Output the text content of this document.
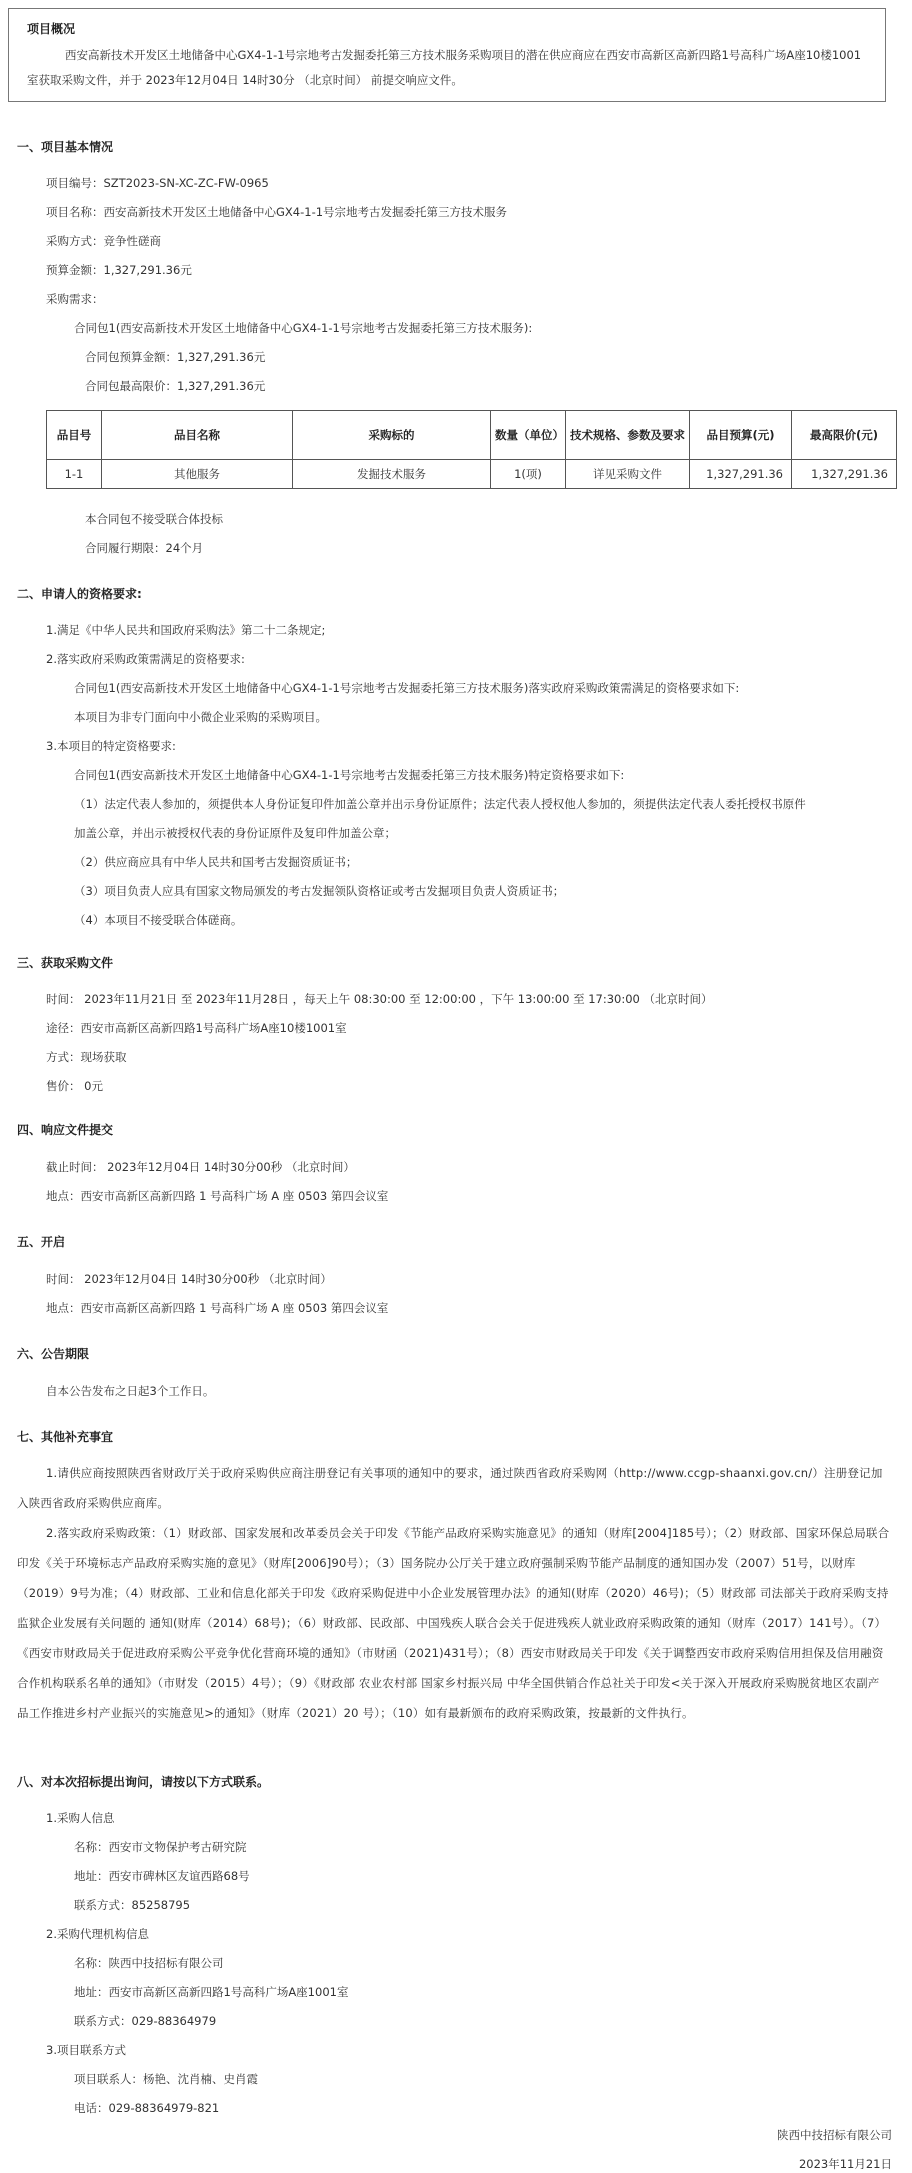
项目概况
西安高新技术开发区土地储备中心GX4-1-1号宗地考古发掘委托第三方技术服务采购项目的潜在供应商应在西安市高新区高新四路1号高科广场A座10楼1001室获取采购文件，并于 2023年12月04日 14时30分 （北京时间） 前提交响应文件。
一、项目基本情况
项目编号：SZT2023-SN-XC-ZC-FW-0965
项目名称：西安高新技术开发区土地储备中心GX4-1-1号宗地考古发掘委托第三方技术服务
采购方式：竞争性磋商
预算金额：1,327,291.36元
采购需求：
合同包1(西安高新技术开发区土地储备中心GX4-1-1号宗地考古发掘委托第三方技术服务):
合同包预算金额：1,327,291.36元
合同包最高限价：1,327,291.36元
品目号	品目名称	采购标的	数量（单位）	技术规格、参数及要求	品目预算(元)	最高限价(元)
1-1	其他服务	发掘技术服务	1(项)	详见采购文件	1,327,291.36	1,327,291.36
本合同包不接受联合体投标
合同履行期限：24个月
二、申请人的资格要求:
1.满足《中华人民共和国政府采购法》第二十二条规定;
2.落实政府采购政策需满足的资格要求:
合同包1(西安高新技术开发区土地储备中心GX4-1-1号宗地考古发掘委托第三方技术服务)落实政府采购政策需满足的资格要求如下:
本项目为非专门面向中小微企业采购的采购项目。
3.本项目的特定资格要求:
合同包1(西安高新技术开发区土地储备中心GX4-1-1号宗地考古发掘委托第三方技术服务)特定资格要求如下:
（1）法定代表人参加的，须提供本人身份证复印件加盖公章并出示身份证原件；法定代表人授权他人参加的，须提供法定代表人委托授权书原件
加盖公章，并出示被授权代表的身份证原件及复印件加盖公章；
（2）供应商应具有中华人民共和国考古发掘资质证书；
（3）项目负责人应具有国家文物局颁发的考古发掘领队资格证或考古发掘项目负责人资质证书；
（4）本项目不接受联合体磋商。
三、获取采购文件
时间： 2023年11月21日 至 2023年11月28日 ，每天上午 08:30:00 至 12:00:00 ，下午 13:00:00 至 17:30:00 （北京时间）
途径：西安市高新区高新四路1号高科广场A座10楼1001室
方式：现场获取
售价： 0元
四、响应文件提交
截止时间： 2023年12月04日 14时30分00秒 （北京时间）
地点：西安市高新区高新四路 1 号高科广场 A 座 0503 第四会议室
五、开启
时间： 2023年12月04日 14时30分00秒 （北京时间）
地点：西安市高新区高新四路 1 号高科广场 A 座 0503 第四会议室
六、公告期限
自本公告发布之日起3个工作日。
七、其他补充事宜
1.请供应商按照陕西省财政厅关于政府采购供应商注册登记有关事项的通知中的要求，通过陕西省政府采购网（http://www.ccgp-shaanxi.gov.cn/）注册登记加入陕西省政府采购供应商库。
2.落实政府采购政策：（1）财政部、国家发展和改革委员会关于印发《节能产品政府采购实施意见》的通知（财库[2004]185号）；（2）财政部、国家环保总局联合印发《关于环境标志产品政府采购实施的意见》（财库[2006]90号）；（3）国务院办公厅关于建立政府强制采购节能产品制度的通知国办发（2007）51号，以财库（2019）9号为准；（4）财政部、工业和信息化部关于印发《政府采购促进中小企业发展管理办法》的通知(财库（2020）46号)；（5）财政部 司法部关于政府采购支持监狱企业发展有关问题的 通知(财库（2014）68号)；（6）财政部、民政部、中国残疾人联合会关于促进残疾人就业政府采购政策的通知（财库（2017）141号）。（7）《西安市财政局关于促进政府采购公平竞争优化营商环境的通知》（市财函（2021)431号）；（8）西安市财政局关于印发《关于调整西安市政府采购信用担保及信用融资合作机构联系名单的通知》（市财发（2015）4号）；（9）《财政部 农业农村部 国家乡村振兴局 中华全国供销合作总社关于印发<关于深入开展政府采购脱贫地区农副产品工作推进乡村产业振兴的实施意见>的通知》（财库（2021）20 号）；（10）如有最新颁布的政府采购政策，按最新的文件执行。
八、对本次招标提出询问，请按以下方式联系。
1.采购人信息
名称：西安市文物保护考古研究院
地址：西安市碑林区友谊西路68号
联系方式：85258795
2.采购代理机构信息
名称：陕西中技招标有限公司
地址：西安市高新区高新四路1号高科广场A座1001室
联系方式：029-88364979
3.项目联系方式
项目联系人：杨艳、沈肖楠、史肖霞
电话：029-88364979-821
陕西中技招标有限公司
2023年11月21日
